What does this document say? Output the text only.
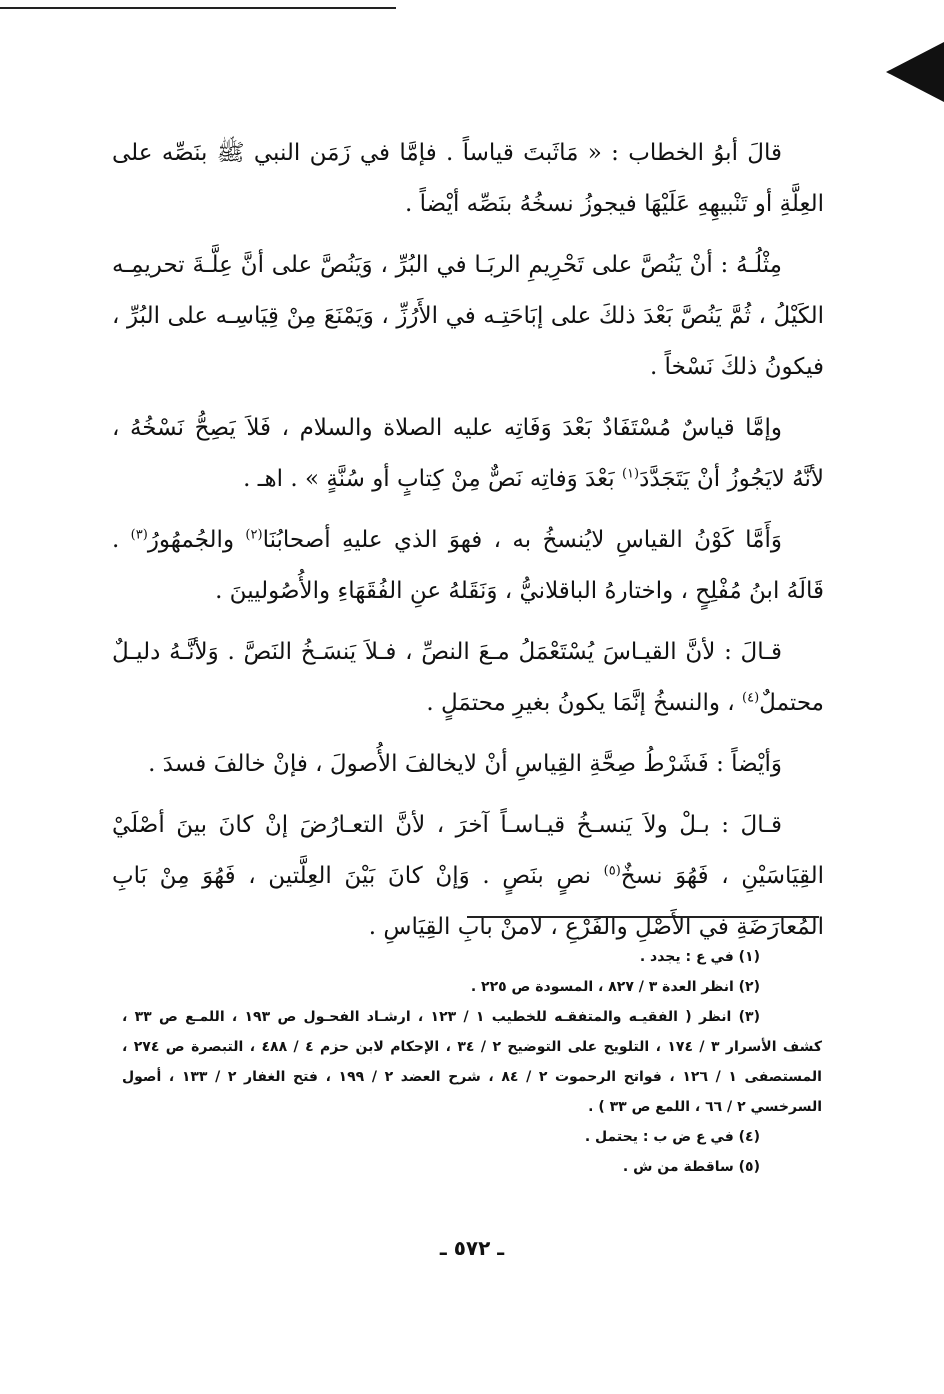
قالَ أبوُ الخطاب : « مَاثَبتَ قياساً . فإمَّا في زَمَن النبي ﷺ بنَصِّه على العِلَّةِ أو تَنْبيهِهِ عَلَيْهَا فيجوزُ نسخُهُ بنَصِّه أيْضاً .

مِثْلُـهُ : أنْ يَنُصَّ على تَحْرِيمِ الربَـا في البُرِّ ، وَيَنُصَّ على أنَّ عِلَّـةَ تحريمِـه الكَيْلُ ، ثُمَّ يَنُصَّ بَعْدَ ذلكَ على إبَاحَتِـه في الأَرُزِّ ، وَيَمْنَعَ مِنْ قِيَاسِـه على البُرِّ ، فيكونُ ذلكَ نَسْخاً .

وإمَّا قياسٌ مُسْتَفَادٌ بَعْدَ وَفَاتِه عليه الصلاة والسلام ، فَلاَ يَصِحُّ نَسْخُهُ ، لأنَّهُ لايَجُوزُ أنْ يَتَجَدَّدَ$^{(١)}$ بَعْدَ وَفاتِه نَصٌّ مِنْ كِتابٍ أو سُنَّةٍ » . اهـ .

وَأَمَّا كَوْنُ القياسِ لايُنسخُ به ، فهوَ الذي عليهِ أصحابُنَا$^{(٢)}$ والجُمهُورُ$^{(٣)}$ . قَالَهُ ابنُ مُفْلِحٍ ، واختارهُ الباقلانيُّ ، وَنَقَلهُ عنِ الفُقَهَاءِ والأُصُوليينَ .

قـالَ : لأنَّ القيـاسَ يُسْتَعْمَلُ مـعَ النصِّ ، فـلاَ يَنسَـخُ النَصَّ . وَلأنَّـهُ دليـلٌ محتملٌ$^{(٤)}$ ، والنسخُ إنَّمَا يكونُ بغيرِ محتمَلٍ .

وَأيْضاً : فَشَرْطُ صِحَّةِ القِياسِ أنْ لايخالفَ الأُصولَ ، فإنْ خالفَ فسدَ .

قـالَ : بـلْ ولاَ يَنسـخُ قيـاسـاً آخرَ ، لأنَّ التعـارُضَ إنْ كانَ بينَ أصْلَيْ القِيَاسَيْنِ ، فَهُوَ نسخٌ$^{(٥)}$ نصٍ بنَصٍ . وَإنْ كانَ بَيْنَ العِلَّتين ، فَهُوَ مِنْ بَابِ المُعارَضَةِ في الأَصْلِ والفَرْعِ ، لامنْ بابِ القِيَاسِ .

(١) في ع : يجدد .

(٢) انظر العدة ٣ / ٨٢٧ ، المسودة ص ٢٢٥ .

(٣) انظر ( الفقيـه والمتفقـه للخطيب ١ / ١٢٣ ، ارشـاد الفحـول ص ١٩٣ ، اللمـع ص ٣٣ ، كشف الأسرار ٣ / ١٧٤ ، التلويح على التوضيح ٢ / ٣٤ ، الإحكام لابن حزم ٤ / ٤٨٨ ، التبصرة ص ٢٧٤ ، المستصفى ١ / ١٢٦ ، فواتح الرحموت ٢ / ٨٤ ، شرح العضد ٢ / ١٩٩ ، فتح الغفار ٢ / ١٣٣ ، أصول السرخسي ٢ / ٦٦ ، اللمع ص ٣٣ ) .

(٤) في ع ض ب : يحتمل .

(٥) ساقطة من ش .

ـ ٥٧٢ ـ
